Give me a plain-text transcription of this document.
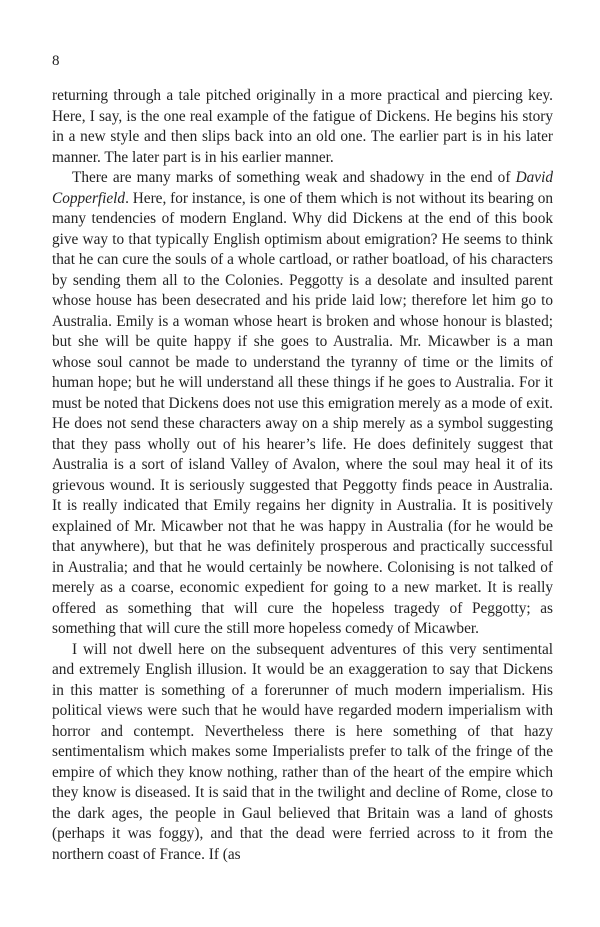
8

returning through a tale pitched originally in a more practical and piercing key. Here, I say, is the one real example of the fatigue of Dickens. He begins his story in a new style and then slips back into an old one. The earlier part is in his later manner. The later part is in his earlier manner.

There are many marks of something weak and shadowy in the end of David Copperfield. Here, for instance, is one of them which is not without its bearing on many tendencies of modern England. Why did Dickens at the end of this book give way to that typically English optimism about emigration? He seems to think that he can cure the souls of a whole cartload, or rather boatload, of his characters by sending them all to the Colonies. Peggotty is a desolate and insulted parent whose house has been desecrated and his pride laid low; therefore let him go to Australia. Emily is a woman whose heart is broken and whose honour is blasted; but she will be quite happy if she goes to Australia. Mr. Micawber is a man whose soul cannot be made to understand the tyranny of time or the limits of human hope; but he will understand all these things if he goes to Australia. For it must be noted that Dickens does not use this emigration merely as a mode of exit. He does not send these characters away on a ship merely as a symbol suggesting that they pass wholly out of his hearer’s life. He does definitely suggest that Australia is a sort of island Valley of Avalon, where the soul may heal it of its grievous wound. It is seriously suggested that Peggotty finds peace in Australia. It is really indicated that Emily regains her dignity in Australia. It is positively explained of Mr. Micawber not that he was happy in Australia (for he would be that anywhere), but that he was definitely prosperous and practically successful in Australia; and that he would certainly be nowhere. Colonising is not talked of merely as a coarse, economic expedient for going to a new market. It is really offered as something that will cure the hopeless tragedy of Peggotty; as something that will cure the still more hopeless comedy of Micawber.

I will not dwell here on the subsequent adventures of this very sentimental and extremely English illusion. It would be an exaggeration to say that Dickens in this matter is something of a forerunner of much modern imperialism. His political views were such that he would have regarded modern imperialism with horror and contempt. Nevertheless there is here something of that hazy sentimentalism which makes some Imperialists prefer to talk of the fringe of the empire of which they know nothing, rather than of the heart of the empire which they know is diseased. It is said that in the twilight and decline of Rome, close to the dark ages, the people in Gaul believed that Britain was a land of ghosts (perhaps it was foggy), and that the dead were ferried across to it from the northern coast of France. If (as
